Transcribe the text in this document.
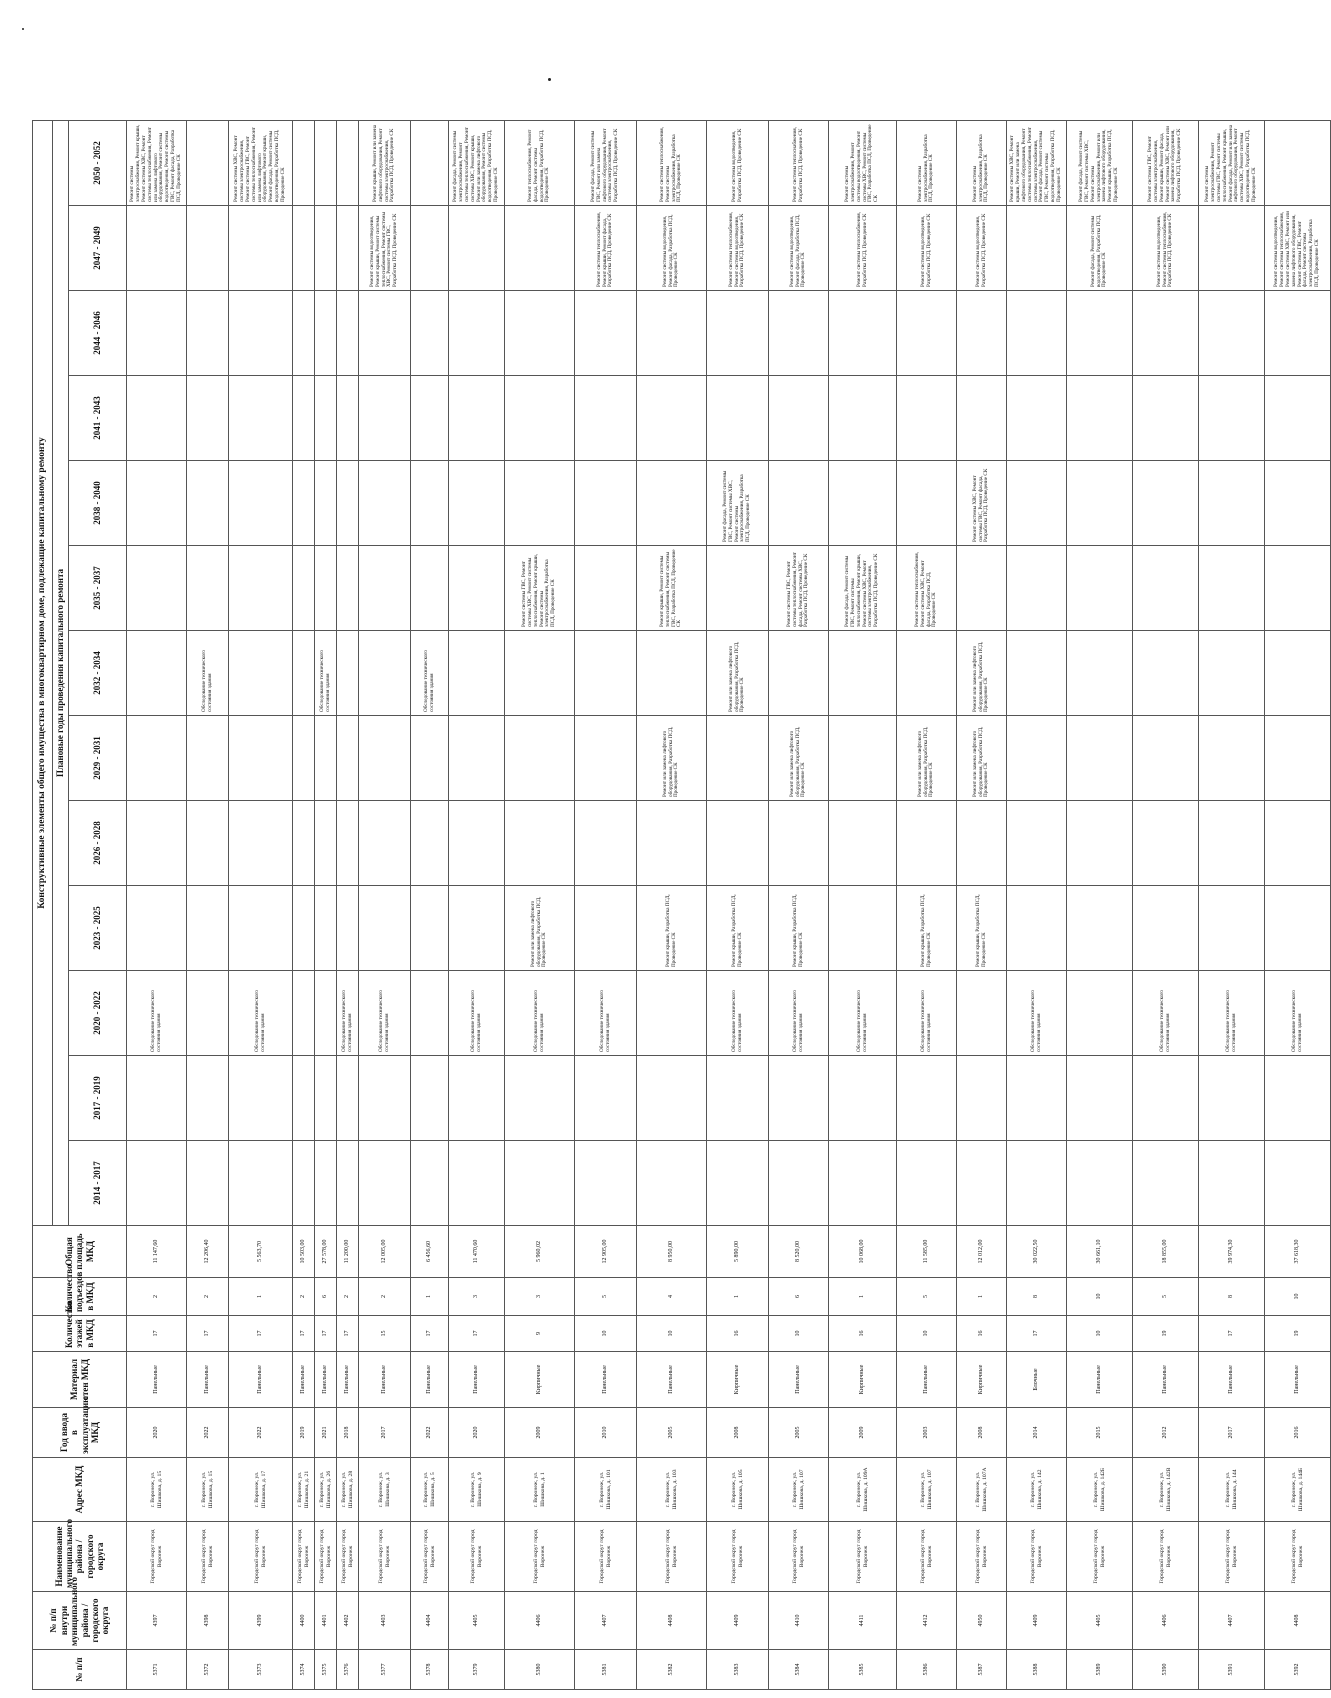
№ п/п	№ п/п внутри муниципального района / городского округа	Наименование муниципального района / городского округа	Адрес МКД	Год ввода в эксплуатацию МКД	Материал стен МКД	Количество этажей в МКД	Количество подъездов в МКД	Общая площадь МКД	Конструктивные элементы общего имущества в многоквартирном доме, подлежащие капитальному ремонту												
									Плановые годы проведения капитального ремонта												
									2014 - 2017	2017 - 2019	2020 - 2022	2023 - 2025	2026 - 2028	2029 - 2031	2032 - 2034	2035 - 2037	2038 - 2040	2041 - 2043	2044 - 2046	2047 - 2049	2050 - 2052
5371	4397	Городской округ город Воронеж	г. Воронеж, ул. Шишкова, д. 15	2020	Панельные	17	2	11 147,60			Обследование технического состояния здания										Ремонт системы электроснабжения, Ремонт крыши, Ремонт системы ХВС, Ремонт системы теплоснабжения, Ремонт или замена лифтового оборудования, Ремонт системы водоотведения, Ремонт системы ГВС, Ремонт фасада, Разработка ПСД, Проведение СК
5372	4398	Городской округ город Воронеж	г. Воронеж, ул. Шишкова, д. 15	2022	Панельные	17	2	12 206,40							Обследование технического состояния здания						
5373	4399	Городской округ город Воронеж	г. Воронеж, ул. Шишкова, д. 17	2022	Панельные	17	1	5 563,70			Обследование технического состояния здания										Ремонт системы ХВС, Ремонт системы электроснабжения, Ремонт системы ГВС, Ремонт системы теплоснабжения, Ремонт или замена лифтового оборудования, Ремонт крыши, Ремонт фасада, Ремонт системы водоотведения, Разработка ПСД, Проведение СК
5374	4400	Городской округ город Воронеж	г. Воронеж, ул. Шишкова, д. 21	2019	Панельные	17	2	10 503,00													
5375	4401	Городской округ город Воронеж	г. Воронеж, ул. Шишкова, д. 26	2021	Панельные	17	6	27 578,00							Обследование технического состояния здания						
5376	4402	Городской округ город Воронеж	г. Воронеж, ул. Шишкова, д. 28	2018	Панельные	17	2	11 200,00			Обследование технического состояния здания										
5377	4403	Городской округ город Воронеж	г. Воронеж, ул. Шишкова, д. 3	2017	Панельные	15	2	12 005,00			Обследование технического состояния здания									Ремонт системы водоотведения, Ремонт крыши, Ремонт системы теплоснабжения, Ремонт системы ХВС, Ремонт системы ГВС, Разработка ПСД, Проведение СК	Ремонт крыши, Ремонт или замена лифтового оборудования, Ремонт системы электроснабжения, Разработка ПСД, Проведение СК
5378	4404	Городской округ город Воронеж	г. Воронеж, ул. Шишкова, д. 5	2022	Панельные	17	1	6 456,60							Обследование технического состояния здания						
5379	4405	Городской округ город Воронеж	г. Воронеж, ул. Шишкова, д. 9	2020	Панельные	17	3	11 470,60			Обследование технического состояния здания										Ремонт фасада, Ремонт системы электроснабжения, Ремонт системы теплоснабжения, Ремонт системы ХВС, Ремонт крыши, Ремонт или замена лифтового оборудования, Ремонт системы водоотведения, Разработка ПСД, Проведение СК
5380	4406	Городской округ город Воронеж	г. Воронеж, ул. Шишкова, д. 1	2009	Кирпичные	9	3	5 960,02			Обследование технического состояния здания	Ремонт или замена лифтового оборудования, Разработка ПСД, Проведение СК				Ремонт системы ГВС, Ремонт системы ХВС, Ремонт системы теплоснабжения, Ремонт крыши, Ремонт системы электроснабжения, Разработка ПСД, Проведение СК					Ремонт теплоснабжения, Ремонт фасада, Ремонт системы водоотведения, Разработка ПСД, Проведение СК
5381	4407	Городской округ город Воронеж	г. Воронеж, ул. Шишкова, д. 101	2010	Панельные	10	5	12 905,00			Обследование технического состояния здания									Ремонт системы теплоснабжения, Ремонт крыши, Ремонт фасада, Разработка ПСД, Проведение СК	Ремонт фасада, Ремонт системы ГВС, Ремонт или замена лифтового оборудования, Ремонт системы электроснабжения, Разработка ПСД, Проведение СК
5382	4408	Городской округ город Воронеж	г. Воронеж, ул. Шишкова, д. 103	2005	Панельные	10	4	8 950,00				Ремонт крыши, Разработка ПСД, Проведение СК		Ремонт или замена лифтового оборудования, Разработка ПСД, Проведение СК		Ремонт крыши, Ремонт системы теплоснабжения, Ремонт системы ГВС, Разработка ПСД, Проведение СК				Ремонт системы водоотведения, Ремонт фасада, Разработка ПСД, Проведение СК	Ремонт системы теплоснабжения, Ремонт системы электроснабжения, Разработка ПСД, Проведение СК
5383	4409	Городской округ город Воронеж	г. Воронеж, ул. Шишкова, д. 105	2008	Кирпичные	16	1	5 890,00			Обследование технического состояния здания	Ремонт крыши, Разработка ПСД, Проведение СК			Ремонт или замена лифтового оборудования, Разработка ПСД, Проведение СК		Ремонт фасада, Ремонт системы ГВС, Ремонт системы ХВС, Ремонт системы электроснабжения, Разработка ПСД, Проведение СК			Ремонт системы теплоснабжения, Ремонт системы водоотведения, Разработка ПСД, Проведение СК	Ремонт системы водоотведения, Разработка ПСД, Проведение СК
5384	4410	Городской округ город Воронеж	г. Воронеж, ул. Шишкова, д. 107	2005	Панельные	10	6	8 520,00			Обследование технического состояния здания	Ремонт крыши, Разработка ПСД, Проведение СК		Ремонт или замена лифтового оборудования, Разработка ПСД, Проведение СК		Ремонт системы ГВС, Ремонт системы теплоснабжения, Ремонт фасада, Ремонт системы ХВС, Разработка ПСД, Проведение СК				Ремонт системы водоотведения, Ремонт фасада, Разработка ПСД, Проведение СК	Ремонт системы теплоснабжения, Разработка ПСД, Проведение СК
5385	4411	Городской округ город Воронеж	г. Воронеж, ул. Шишкова, д. 109А	2009	Кирпичные	16	1	10 068,00			Обследование технического состояния здания					Ремонт фасада, Ремонт системы ГВС, Ремонт системы теплоснабжения, Ремонт крыши, Ремонт системы ХВС, Ремонт системы электроснабжения, Разработка ПСД, Проведение СК				Ремонт системы теплоснабжения, Разработка ПСД, Проведение СК	Ремонт системы электроснабжения, Ремонт системы водоотведения, Ремонт системы ХВС, Ремонт системы ГВС, Разработка ПСД, Проведение СК
5386	4412	Городской округ город Воронеж	г. Воронеж, ул. Шишкова, д. 107	2003	Панельные	10	5	11 585,00			Обследование технического состояния здания	Ремонт крыши, Разработка ПСД, Проведение СК		Ремонт или замена лифтового оборудования, Разработка ПСД, Проведение СК		Ремонт системы теплоснабжения, Ремонт системы ХВС, Ремонт фасада, Разработка ПСД, Проведение СК				Ремонт системы водоотведения, Разработка ПСД, Проведение СК	Ремонт системы электроснабжения, Разработка ПСД, Проведение СК
5387	4950	Городской округ город Воронеж	г. Воронеж, ул. Шишкова, д. 107А	2008	Кирпичные	16	1	12 012,00				Ремонт крыши, Разработка ПСД, Проведение СК		Ремонт или замена лифтового оборудования, Разработка ПСД, Проведение СК	Ремонт или замена лифтового оборудования, Разработка ПСД, Проведение СК		Ремонт системы ХВС, Ремонт системы ГВС, Ремонт фасада, Разработка ПСД, Проведение СК			Ремонт системы водоотведения, Разработка ПСД, Проведение СК	Ремонт системы электроснабжения, Разработка ПСД, Проведение СК
5388	4409	Городской округ город Воронеж	г. Воронеж, ул. Шишкова, д. 142	2014	Блочные	17	8	30 022,50			Обследование технического состояния здания										Ремонт системы ХВС, Ремонт крыши, Ремонт или замена лифтового оборудования, Ремонт системы теплоснабжения, Ремонт системы электроснабжения, Ремонт фасада, Ремонт системы ГВС, Ремонт системы водоотведения, Разработка ПСД, Проведение СК
5389	4405	Городской округ город Воронеж	г. Воронеж, ул. Шишкова, д. 142Б	2015	Панельные	10	10	30 661,10												Ремонт фасада, Ремонт системы водоотведения, Разработка ПСД, Проведение СК	Ремонт фасада, Ремонт системы ГВС, Ремонт системы ХВС, Ремонт системы электроснабжения, Ремонт или замена лифтового оборудования, Ремонт крыши, Разработка ПСД, Проведение СК
5390	4406	Городской округ город Воронеж	г. Воронеж, ул. Шишкова, д. 142В	2012	Панельные	19	5	18 855,00			Обследование технического состояния здания									Ремонт системы водоотведения, Ремонт системы теплоснабжения, Разработка ПСД, Проведение СК	Ремонт системы ГВС, Ремонт системы электроснабжения, Ремонт крыши, Ремонт фасада, Ремонт системы ХВС, Ремонт или замена лифтового оборудования, Разработка ПСД, Проведение СК
5391	4407	Городской округ город Воронеж	г. Воронеж, ул. Шишкова, д. 144	2017	Панельные	17	8	39 974,30			Обследование технического состояния здания										Ремонт системы электроснабжения, Ремонт системы ГВС, Ремонт системы теплоснабжения, Ремонт крыши, Ремонт фасада, Ремонт или замена лифтового оборудования, Ремонт системы ХВС, Ремонт системы водоотведения, Разработка ПСД, Проведение СК
5392	4408	Городской округ город Воронеж	г. Воронеж, ул. Шишкова, д. 144Б	2016	Панельные	19	10	37 618,30			Обследование технического состояния здания									Ремонт системы водоотведения, Ремонт системы теплоснабжения, Ремонт системы ХВС, Ремонт или замена лифтового оборудования, Ремонт системы ГВС, Ремонт фасада, Ремонт системы электроснабжения, Разработка ПСД, Проведение СК	
